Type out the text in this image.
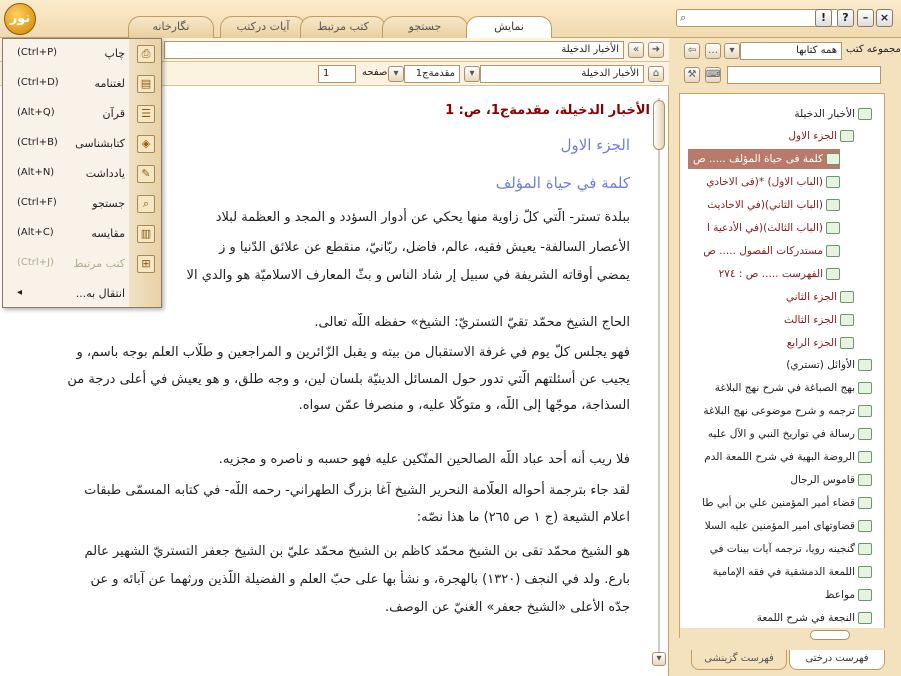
نور
نگارخانه	آیات درکتب	کتب مرتبط	جستجو	نمایش
⌕	!	?	–	×
الأخبار الدخيلة	«	➜
1	صفحه ▾	مقدمةج1	▾	الأخبار الدخيلة	⌂
الأخبار الدخيلة، مقدمةج1، ص: 1
الجزء الاول
كلمة في حياة المؤلف
ببلدة تستر- الّتي كلّ زاوية منها يحكي عن أدوار السؤدد و المجد و العظمة لبلاد
الأعصار السالفة- يعيش فقيه، عالم، فاضل، ربّانيّ، منقطع عن علائق الدّنيا و ز
يمضي أوقاته الشريفة في سبيل إر شاد الناس و بثّ المعارف الاسلاميّة هو والدي الا
الحاج الشيخ محمّد تقيّ التستريّ: الشيخ» حفظه اللّه تعالى.
فهو يجلس كلّ يوم في غرفة الاستقبال من بيته و يقبل الزّائرين و المراجعين و طلّاب العلم بوجه باسم، و
يجيب عن أسئلتهم الّتي تدور حول المسائل الدينيّة بلسان لين، و وجه طلق، و هو يعيش في أعلى درجة من
السذاجة، موجّها إلى اللّه، و متوكّلا عليه، و منصرفا عمّن سواه.
فلا ريب أنه أحد عباد اللّه الصالحين المتّكين عليه فهو حسبه و ناصره و مجزيه.
لقد جاء بترجمة أحواله العلّامة النحرير الشيخ آغا بزرگ الطهراني- رحمه اللّه- في كتابه المسمّى طبقات
اعلام الشيعة (ج ١ ص ٢٦٥) ما هذا نصّه:
هو الشيخ محمّد تقى بن الشيخ محمّد كاظم بن الشيخ محمّد عليّ بن الشيخ جعفر التستريّ الشهير عالم
بارع. ولد في النجف (١٣٢٠) بالهجرة، و نشأ بها على حبّ العلم و الفضيلة اللّذين ورثهما عن آبائه و عن
جدّه الأعلى «الشيخ جعفر» الغنيّ عن الوصف.
▾
چاپ
(Ctrl+P)	⎙
لغتنامه
(Ctrl+D)	▤
قرآن
(Alt+Q)	☰
کتابشناسی
(Ctrl+B)	◈
یادداشت
(Alt+N)	✎
جستجو
(Ctrl+F)	⌕
مقایسه
(Alt+C)	▥
کتب مرتبط
(Ctrl+J)	⊞
انتقال به...
◂
مجموعه کتب
همه کتابها
▾
…
⇦
⌨
⚒
الأخبار الدخيلة
الجزء الاول
كلمة فى حياة المؤلف ..... ص
(الباب الاول) *(فى الاخادي
(الباب الثاني)(في الاحاديث
(الباب الثالث)(في الأدعية ا
مستدركات الفصول ..... ص
الفهرست ..... ص : ٢٧٤
الجزء الثاني
الجزء الثالث
الجزء الرابع
الأوائل (تستري)
بهج الصباغة في شرح نهج البلاغة
ترجمه و شرح موضوعی نهج البلاغة
رسالة في تواريخ النبي و الآل عليه
الروضة البهية في شرح اللمعة الدم
قاموس الرجال
قضاء أمير المؤمنين علي بن أبي طا
قضاوتهای امیر المؤمنین علیه السلا
گنجینه رویا، ترجمه آیات بینات في
اللمعة الدمشقية في فقه الإمامية
مواعظ
النجعة في شرح اللمعة
فهرست درختی
فهرست گزینشی
